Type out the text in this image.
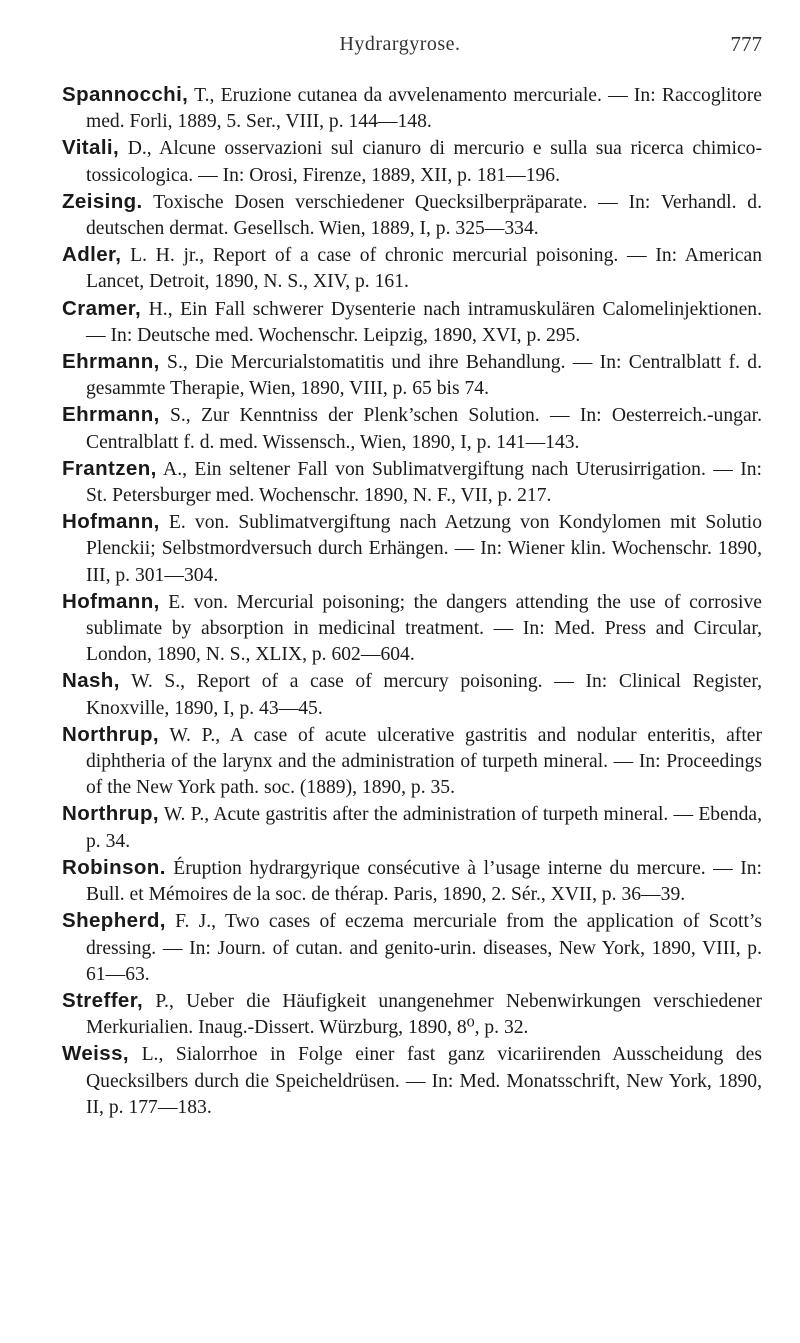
Hydrargyrose.	777

Spannocchi, T., Eruzione cutanea da avvelenamento mercuriale. — In: Raccoglitore med. Forli, 1889, 5. Ser., VIII, p. 144—148.

Vitali, D., Alcune osservazioni sul cianuro di mercurio e sulla sua ricerca chimico-tossicologica. — In: Orosi, Firenze, 1889, XII, p. 181—196.

Zeising. Toxische Dosen verschiedener Quecksilberpräparate. — In: Verhandl. d. deutschen dermat. Gesellsch. Wien, 1889, I, p. 325—334.

Adler, L. H. jr., Report of a case of chronic mercurial poisoning. — In: American Lancet, Detroit, 1890, N. S., XIV, p. 161.

Cramer, H., Ein Fall schwerer Dysenterie nach intramuskulären Calomelinjektionen. — In: Deutsche med. Wochenschr. Leipzig, 1890, XVI, p. 295.

Ehrmann, S., Die Mercurialstomatitis und ihre Behandlung. — In: Centralblatt f. d. gesammte Therapie, Wien, 1890, VIII, p. 65 bis 74.

Ehrmann, S., Zur Kenntniss der Plenk’schen Solution. — In: Oesterreich.-ungar. Centralblatt f. d. med. Wissensch., Wien, 1890, I, p. 141—143.

Frantzen, A., Ein seltener Fall von Sublimatvergiftung nach Uterusirrigation. — In: St. Petersburger med. Wochenschr. 1890, N. F., VII, p. 217.

Hofmann, E. von. Sublimatvergiftung nach Aetzung von Kondylomen mit Solutio Plenckii; Selbstmordversuch durch Erhängen. — In: Wiener klin. Wochenschr. 1890, III, p. 301—304.

Hofmann, E. von. Mercurial poisoning; the dangers attending the use of corrosive sublimate by absorption in medicinal treatment. — In: Med. Press and Circular, London, 1890, N. S., XLIX, p. 602—604.

Nash, W. S., Report of a case of mercury poisoning. — In: Clinical Register, Knoxville, 1890, I, p. 43—45.

Northrup, W. P., A case of acute ulcerative gastritis and nodular enteritis, after diphtheria of the larynx and the administration of turpeth mineral. — In: Proceedings of the New York path. soc. (1889), 1890, p. 35.

Northrup, W. P., Acute gastritis after the administration of turpeth mineral. — Ebenda, p. 34.

Robinson. Éruption hydrargyrique consécutive à l’usage interne du mercure. — In: Bull. et Mémoires de la soc. de thérap. Paris, 1890, 2. Sér., XVII, p. 36—39.

Shepherd, F. J., Two cases of eczema mercuriale from the application of Scott’s dressing. — In: Journ. of cutan. and genito-urin. diseases, New York, 1890, VIII, p. 61—63.

Streffer, P., Ueber die Häufigkeit unangenehmer Nebenwirkungen verschiedener Merkurialien. Inaug.-Dissert. Würzburg, 1890, 8⁰, p. 32.

Weiss, L., Sialorrhoe in Folge einer fast ganz vicariirenden Ausscheidung des Quecksilbers durch die Speicheldrüsen. — In: Med. Monatsschrift, New York, 1890, II, p. 177—183.
